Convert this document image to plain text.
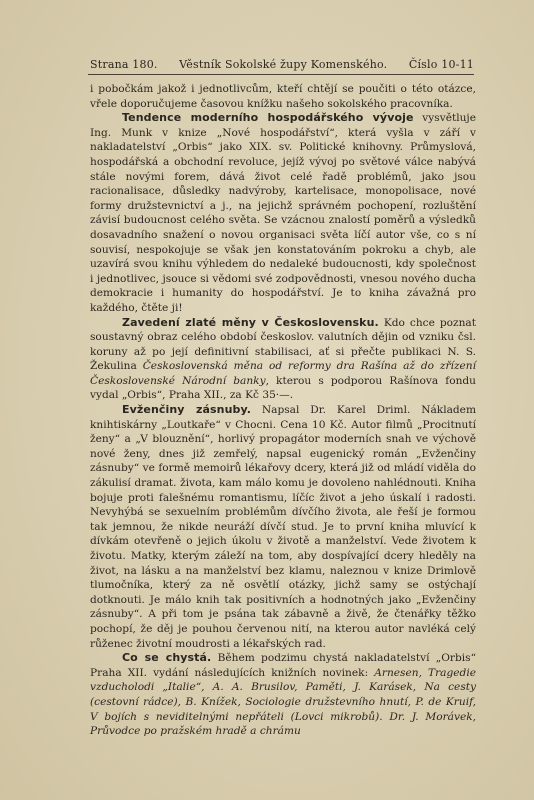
Strana 180. Věstník Sokolské župy Komenského. Číslo 10-11

i pobočkám jakož i jednotlivcům, kteří chtějí se poučiti o této otázce, vřele doporučujeme časovou knížku našeho sokolského pracovníka.

Tendence moderního hospodářského vývoje vysvětluje Ing. Munk v knize „Nové hospodářství“, která vyšla v září v nakladatelství „Orbis“ jako XIX. sv. Politické knihovny. Průmyslová, hospodářská a obchodní revoluce, jejíž vývoj po světové válce nabývá stále novými forem, dává život celé řadě problémů, jako jsou racionalisace, důsledky nadvýroby, kartelisace, monopolisace, nové formy družstevnictví a j., na jejichž správném pochopení, rozluštění závisí budoucnost celého světa. Se vzácnou znalostí poměrů a výsledků dosavadního snažení o novou organisaci světa líčí autor vše, co s ní souvisí, nespokojuje se však jen konstatováním pokroku a chyb, ale uzavírá svou knihu výhledem do nedaleké budoucnosti, kdy společnost i jednotlivec, jsouce si vědomi své zodpovědnosti, vnesou nového ducha demokracie i humanity do hospodářství. Je to kniha závažná pro každého, čtěte ji!

Zavedení zlaté měny v Československu. Kdo chce poznat soustavný obraz celého období českoslov. valutních dějin od vzniku čsl. koruny až po její definitivní stabilisaci, ať si přečte publikaci N. S. Žekulina Československá měna od reformy dra Rašína až do zřízení Československé Národní banky, kterou s podporou Rašínova fondu vydal „Orbis“, Praha XII., za Kč 35·—.

Evženčiny zásnuby. Napsal Dr. Karel Driml. Nákladem knihtiskárny „Loutkaře“ v Chocni. Cena 10 Kč. Autor filmů „Procitnutí ženy“ a „V blouznění“, horlivý propagátor moderních snah ve výchově nové ženy, dnes již zemřelý, napsal eugenický román „Evženčiny zásnuby“ ve formě memoirů lékařovy dcery, která již od mládí viděla do zákulisí dramat. života, kam málo komu je dovoleno nahlédnouti. Kniha bojuje proti falešnému romantismu, líčíc život a jeho úskalí i radosti. Nevyhýbá se sexuelním problémům dívčího života, ale řeší je formou tak jemnou, že nikde neuráží dívčí stud. Je to první kniha mluvící k dívkám otevřeně o jejich úkolu v životě a manželství. Vede životem k životu. Matky, kterým záleží na tom, aby dospívající dcery hleděly na život, na lásku a na manželství bez klamu, naleznou v knize Drimlově tlumočníka, který za ně osvětlí otázky, jichž samy se ostýchají dotknouti. Je málo knih tak positivních a hodnotných jako „Evženčiny zásnuby“. A při tom je psána tak zábavně a živě, že čtenářky těžko pochopí, že děj je pouhou červenou nití, na kterou autor navléká celý růženec životní moudrosti a lékařských rad.

Co se chystá. Během podzimu chystá nakladatelství „Orbis“ Praha XII. vydání následujících knižních novinek: Arnesen, Tragedie vzducholodi „Italie“, A. A. Brusilov, Paměti, J. Karásek, Na cesty (cestovní rádce), B. Knížek, Sociologie družstevního hnutí, P. de Kruif, V bojích s neviditelnými nepřáteli (Lovci mikrobů). Dr. J. Morávek, Průvodce po pražském hradě a chrámu
